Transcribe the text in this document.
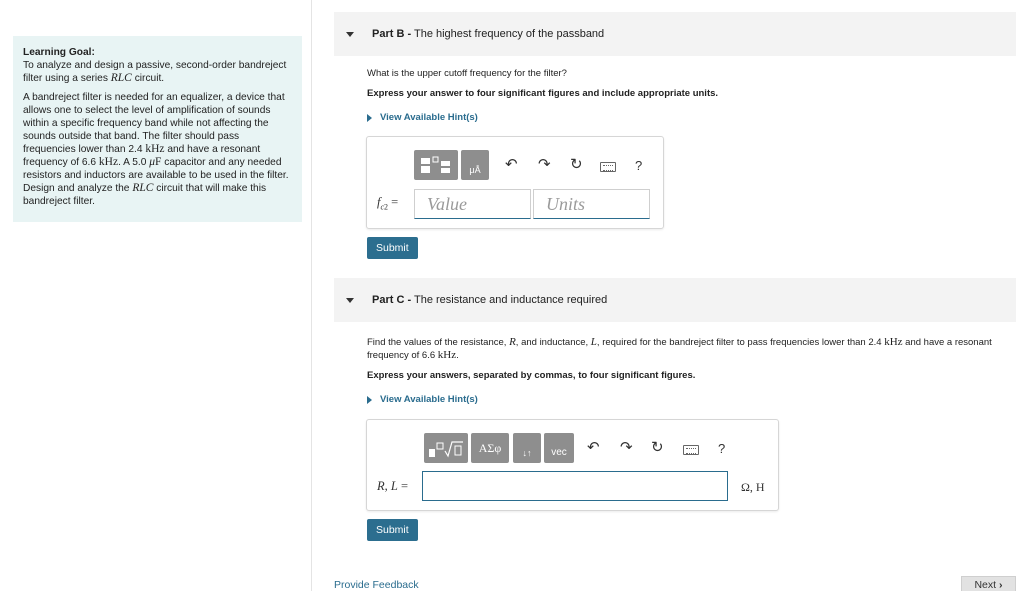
Learning Goal:

To analyze and design a passive, second-order bandreject filter using a series RLC circuit.

A bandreject filter is needed for an equalizer, a device that allows one to select the level of amplification of sounds within a specific frequency band while not affecting the sounds outside that band. The filter should pass frequencies lower than 2.4 kHz and have a resonant frequency of 6.6 kHz. A 5.0 μF capacitor and any needed resistors and inductors are available to be used in the filter. Design and analyze the RLC circuit that will make this bandreject filter.

Part B - The highest frequency of the passband
What is the upper cutoff frequency for the filter?
Express your answer to four significant figures and include appropriate units.
View Available Hint(s)
μÅ ↶ ↷ ↻	?
$f_{c2}$ =
Value
Units
Submit
Part C - The resistance and inductance required
Find the values of the resistance, R, and inductance, L, required for the bandreject filter to pass frequencies lower than 2.4 kHz and have a resonant frequency of 6.6 kHz.
Express your answers, separated by commas, to four significant figures.
View Available Hint(s)
ΑΣφ	↓↑ vec ↶ ↷ ↻	?
R, L =	Ω, H
Submit
Provide Feedback	Next ›
